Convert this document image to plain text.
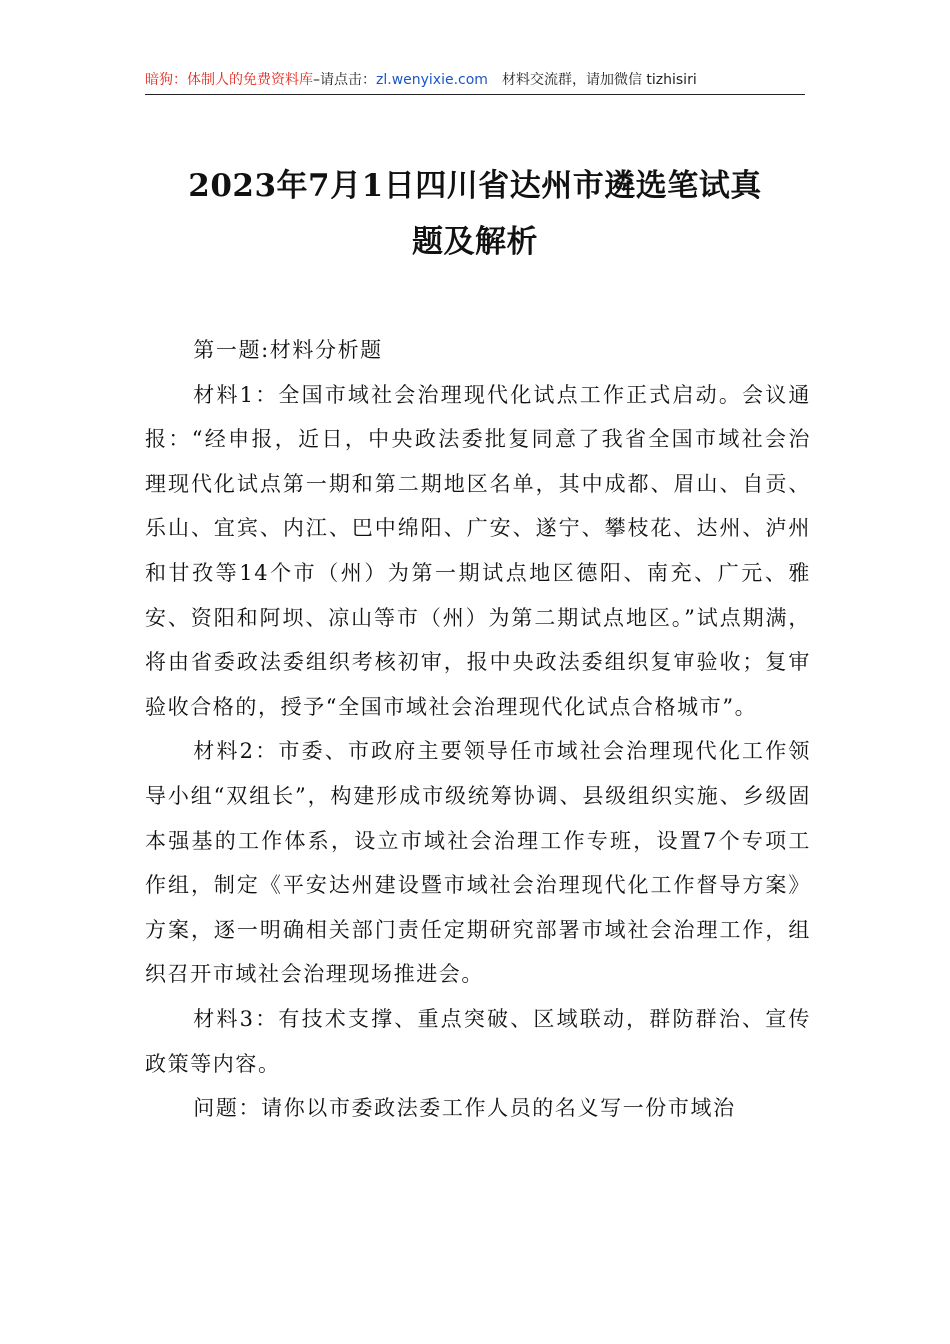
暗狗：体制人的免费资料库–请点击：zl.wenyixie.com 材料交流群，请加微信 tizhisiri
2023年7月1日四川省达州市遴选笔试真
题及解析

第一题:材料分析题

材料1：全国市域社会治理现代化试点工作正式启动。会议通报：“经申报，近日，中央政法委批复同意了我省全国市域社会治理现代化试点第一期和第二期地区名单，其中成都、眉山、自贡、乐山、宜宾、内江、巴中绵阳、广安、遂宁、攀枝花、达州、泸州和甘孜等14个市（州）为第一期试点地区德阳、南充、广元、雅安、资阳和阿坝、凉山等市（州）为第二期试点地区。”试点期满，将由省委政法委组织考核初审，报中央政法委组织复审验收；复审验收合格的，授予“全国市域社会治理现代化试点合格城市”。

材料2：市委、市政府主要领导任市域社会治理现代化工作领导小组“双组长”，构建形成市级统筹协调、县级组织实施、乡级固本强基的工作体系，设立市域社会治理工作专班，设置7个专项工作组，制定《平安达州建设暨市域社会治理现代化工作督导方案》方案，逐一明确相关部门责任定期研究部署市域社会治理工作，组织召开市域社会治理现场推进会。

材料3：有技术支撑、重点突破、区域联动，群防群治、宣传政策等内容。

问题：请你以市委政法委工作人员的名义写一份市域治
